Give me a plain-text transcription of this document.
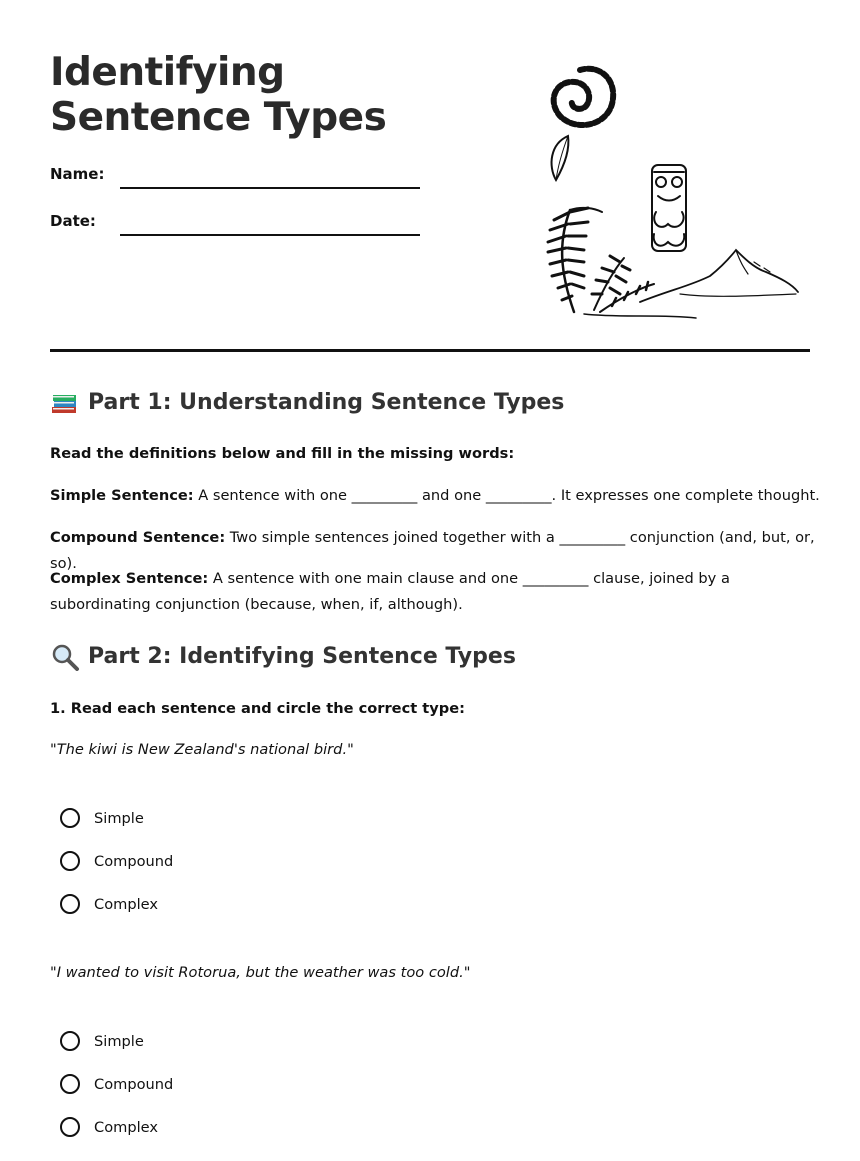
Identifying Sentence Types
Name:
Date:
Part 1: Understanding Sentence Types
Read the definitions below and fill in the missing words:
Simple Sentence: A sentence with one _________ and one _________. It expresses one complete thought.
Compound Sentence: Two simple sentences joined together with a _________ conjunction (and, but, or, so).
Complex Sentence: A sentence with one main clause and one _________ clause, joined by a subordinating conjunction (because, when, if, although).
Part 2: Identifying Sentence Types
1. Read each sentence and circle the correct type:
"The kiwi is New Zealand's national bird."
Simple
Compound
Complex
"I wanted to visit Rotorua, but the weather was too cold."
Simple
Compound
Complex
